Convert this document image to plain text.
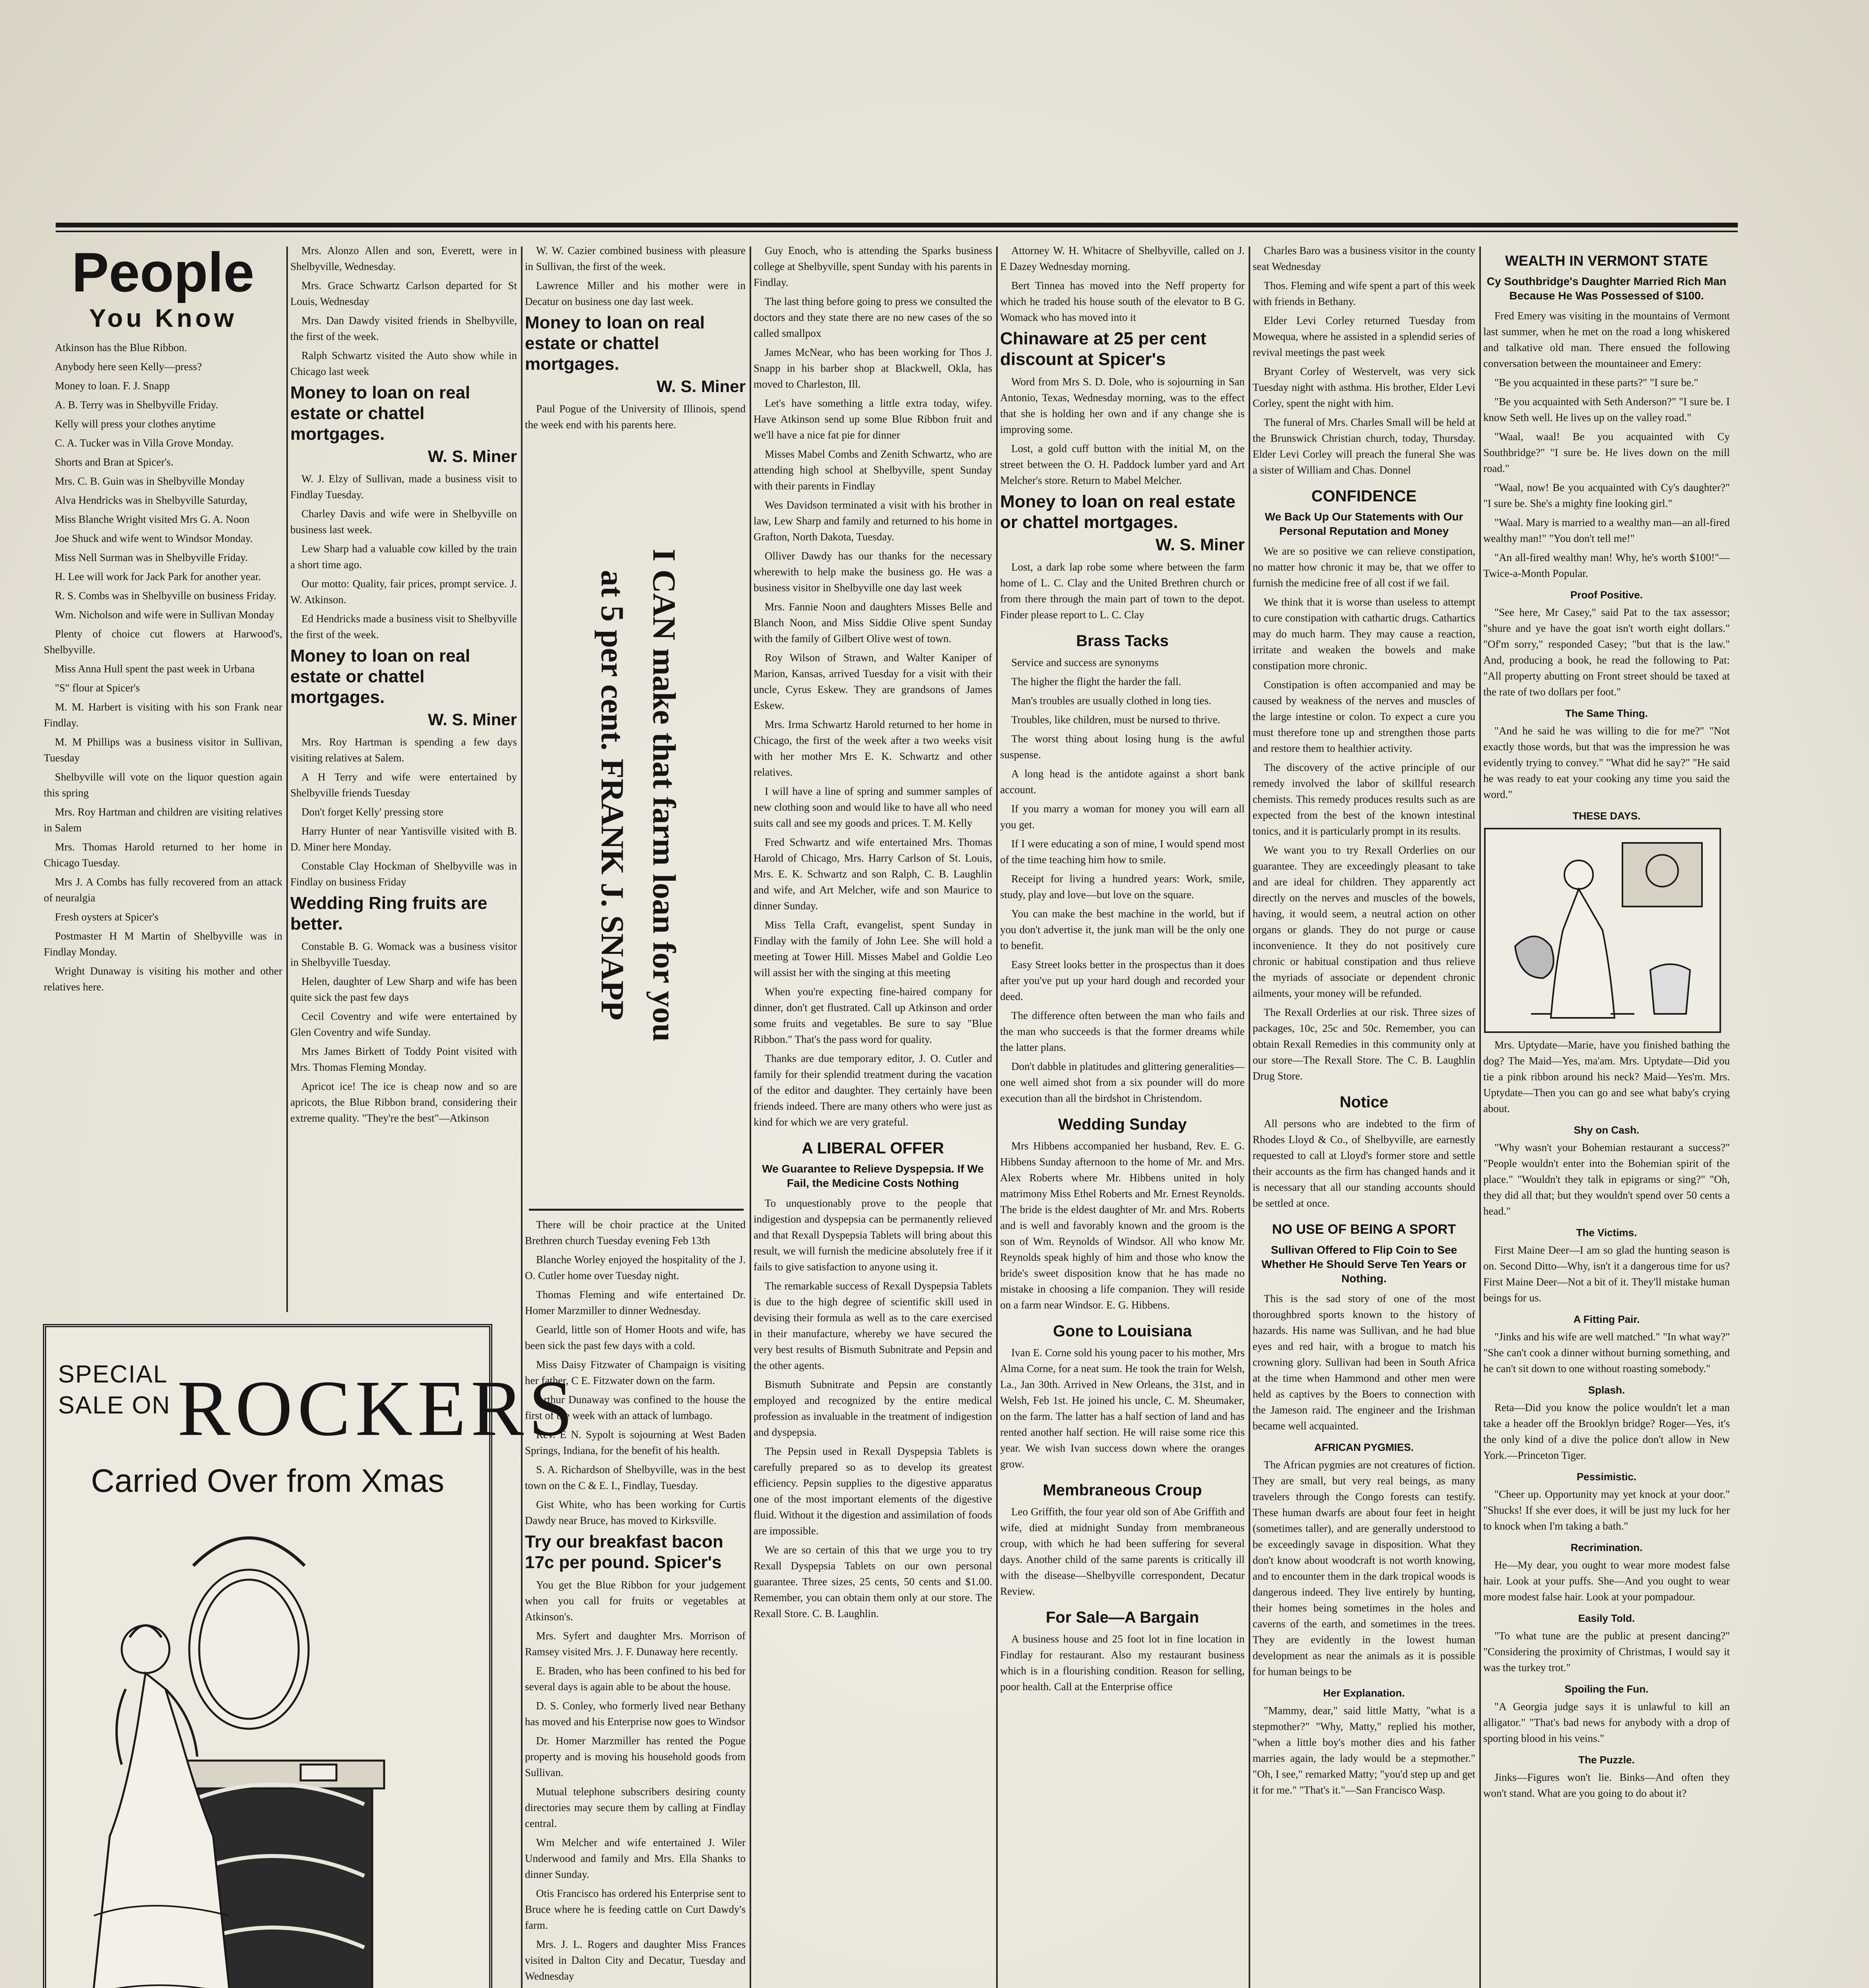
People
You Know
Atkinson has the Blue Ribbon.
Anybody here seen Kelly—press?
Money to loan. F. J. Snapp
A. B. Terry was in Shelbyville Friday.
Kelly will press your clothes anytime
C. A. Tucker was in Villa Grove Monday.
Shorts and Bran at Spicer's.
Mrs. C. B. Guin was in Shelbyville Monday
Alva Hendricks was in Shelbyville Saturday,
Miss Blanche Wright visited Mrs G. A. Noon
Joe Shuck and wife went to Windsor Monday.
Miss Nell Surman was in Shelbyville Friday.
H. Lee will work for Jack Park for another year.
R. S. Combs was in Shelbyville on business Friday.
Wm. Nicholson and wife were in Sullivan Monday
Plenty of choice cut flowers at Harwood's, Shelbyville.
Miss Anna Hull spent the past week in Urbana
"S" flour at Spicer's
M. M. Harbert is visiting with his son Frank near Findlay.
M. M Phillips was a business visitor in Sullivan, Tuesday
Shelbyville will vote on the liquor question again this spring
Mrs. Roy Hartman and children are visiting relatives in Salem
Mrs. Thomas Harold returned to her home in Chicago Tuesday.
Mrs J. A Combs has fully recovered from an attack of neuralgia
Fresh oysters at Spicer's
Postmaster H M Martin of Shelbyville was in Findlay Monday.
Wright Dunaway is visiting his mother and other relatives here.
SPECIAL
SALE ON ROCKERS
Carried Over from Xmas
Mrs. Alonzo Allen and son, Everett, were in Shelbyville, Wednesday.
Mrs. Grace Schwartz Carlson departed for St Louis, Wednesday
Mrs. Dan Dawdy visited friends in Shelbyville, the first of the week.
Ralph Schwartz visited the Auto show while in Chicago last week
Money to loan on real estate or chattel mortgages.
W. S. Miner
W. J. Elzy of Sullivan, made a business visit to Findlay Tuesday.
Charley Davis and wife were in Shelbyville on business last week.
Lew Sharp had a valuable cow killed by the train a short time ago.
Our motto: Quality, fair prices, prompt service. J. W. Atkinson.
Ed Hendricks made a business visit to Shelbyville the first of the week.
Money to loan on real estate or chattel mortgages.
W. S. Miner
Mrs. Roy Hartman is spending a few days visiting relatives at Salem.
A H Terry and wife were entertained by Shelbyville friends Tuesday
Don't forget Kelly' pressing store
Harry Hunter of near Yantisville visited with B. D. Miner here Monday.
Constable Clay Hockman of Shelbyville was in Findlay on business Friday
Wedding Ring fruits are better.
Constable B. G. Womack was a business visitor in Shelbyville Tuesday.
Helen, daughter of Lew Sharp and wife has been quite sick the past few days
Cecil Coventry and wife were entertained by Glen Coventry and wife Sunday.
Mrs James Birkett of Toddy Point visited with Mrs. Thomas Fleming Monday.
Apricot ice! The ice is cheap now and so are apricots, the Blue Ribbon brand, considering their extreme quality. "They're the best"—Atkinson
W. W. Cazier combined business with pleasure in Sullivan, the first of the week.
Lawrence Miller and his mother were in Decatur on business one day last week.
Money to loan on real estate or chattel mortgages.
W. S. Miner
Paul Pogue of the University of Illinois, spend the week end with his parents here.
I CAN make that farm loan for you
at 5 per cent. FRANK J. SNAPP
There will be choir practice at the United Brethren church Tuesday evening Feb 13th
Blanche Worley enjoyed the hospitality of the J. O. Cutler home over Tuesday night.
Thomas Fleming and wife entertained Dr. Homer Marzmiller to dinner Wednesday.
Gearld, little son of Homer Hoots and wife, has been sick the past few days with a cold.
Miss Daisy Fitzwater of Champaign is visiting her father, C E. Fitzwater down on the farm.
Arthur Dunaway was confined to the house the first of the week with an attack of lumbago.
Rev. E N. Sypolt is sojourning at West Baden Springs, Indiana, for the benefit of his health.
S. A. Richardson of Shelbyville, was in the best town on the C & E. I., Findlay, Tuesday.
Gist White, who has been working for Curtis Dawdy near Bruce, has moved to Kirksville.
Try our breakfast bacon 17c per pound. Spicer's
You get the Blue Ribbon for your judgement when you call for fruits or vegetables at Atkinson's.
Mrs. Syfert and daughter Mrs. Morrison of Ramsey visited Mrs. J. F. Dunaway here recently.
E. Braden, who has been confined to his bed for several days is again able to be about the house.
D. S. Conley, who formerly lived near Bethany has moved and his Enterprise now goes to Windsor
Dr. Homer Marzmiller has rented the Pogue property and is moving his household goods from Sullivan.
Mutual telephone subscribers desiring county directories may secure them by calling at Findlay central.
Wm Melcher and wife entertained J. Wiler Underwood and family and Mrs. Ella Shanks to dinner Sunday.
Otis Francisco has ordered his Enterprise sent to Bruce where he is feeding cattle on Curt Dawdy's farm.
Mrs. J. L. Rogers and daughter Miss Frances visited in Dalton City and Decatur, Tuesday and Wednesday
Guy Enoch, who is attending the Sparks business college at Shelbyville, spent Sunday with his parents in Findlay.
The last thing before going to press we consulted the doctors and they state there are no new cases of the so called smallpox
James McNear, who has been working for Thos J. Snapp in his barber shop at Blackwell, Okla, has moved to Charleston, Ill.
Let's have something a little extra today, wifey. Have Atkinson send up some Blue Ribbon fruit and we'll have a nice fat pie for dinner
Misses Mabel Combs and Zenith Schwartz, who are attending high school at Shelbyville, spent Sunday with their parents in Findlay
Wes Davidson terminated a visit with his brother in law, Lew Sharp and family and returned to his home in Grafton, North Dakota, Tuesday.
Olliver Dawdy has our thanks for the necessary wherewith to help make the business go. He was a business visitor in Shelbyville one day last week
Mrs. Fannie Noon and daughters Misses Belle and Blanch Noon, and Miss Siddie Olive spent Sunday with the family of Gilbert Olive west of town.
Roy Wilson of Strawn, and Walter Kaniper of Marion, Kansas, arrived Tuesday for a visit with their uncle, Cyrus Eskew. They are grandsons of James Eskew.
Mrs. Irma Schwartz Harold returned to her home in Chicago, the first of the week after a two weeks visit with her mother Mrs E. K. Schwartz and other relatives.
I will have a line of spring and summer samples of new clothing soon and would like to have all who need suits call and see my goods and prices. T. M. Kelly
Fred Schwartz and wife entertained Mrs. Thomas Harold of Chicago, Mrs. Harry Carlson of St. Louis, Mrs. E. K. Schwartz and son Ralph, C. B. Laughlin and wife, and Art Melcher, wife and son Maurice to dinner Sunday.
Miss Tella Craft, evangelist, spent Sunday in Findlay with the family of John Lee. She will hold a meeting at Tower Hill. Misses Mabel and Goldie Leo will assist her with the singing at this meeting
When you're expecting fine-haired company for dinner, don't get flustrated. Call up Atkinson and order some fruits and vegetables. Be sure to say "Blue Ribbon." That's the pass word for quality.
Thanks are due temporary editor, J. O. Cutler and family for their splendid treatment during the vacation of the editor and daughter. They certainly have been friends indeed. There are many others who were just as kind for which we are very grateful.
A LIBERAL OFFER
We Guarantee to Relieve Dyspepsia. If We Fail, the Medicine Costs Nothing
To unquestionably prove to the people that indigestion and dyspepsia can be permanently relieved and that Rexall Dyspepsia Tablets will bring about this result, we will furnish the medicine absolutely free if it fails to give satisfaction to anyone using it.
The remarkable success of Rexall Dyspepsia Tablets is due to the high degree of scientific skill used in devising their formula as well as to the care exercised in their manufacture, whereby we have secured the very best results of Bismuth Subnitrate and Pepsin and the other agents.
Bismuth Subnitrate and Pepsin are constantly employed and recognized by the entire medical profession as invaluable in the treatment of indigestion and dyspepsia.
The Pepsin used in Rexall Dyspepsia Tablets is carefully prepared so as to develop its greatest efficiency. Pepsin supplies to the digestive apparatus one of the most important elements of the digestive fluid. Without it the digestion and assimilation of foods are impossible.
We are so certain of this that we urge you to try Rexall Dyspepsia Tablets on our own personal guarantee. Three sizes, 25 cents, 50 cents and $1.00. Remember, you can obtain them only at our store. The Rexall Store. C. B. Laughlin.
Attorney W. H. Whitacre of Shelbyville, called on J. E Dazey Wednesday morning.
Bert Tinnea has moved into the Neff property for which he traded his house south of the elevator to B G. Womack who has moved into it
Chinaware at 25 per cent discount at Spicer's
Word from Mrs S. D. Dole, who is sojourning in San Antonio, Texas, Wednesday morning, was to the effect that she is holding her own and if any change she is improving some.
Lost, a gold cuff button with the initial M, on the street between the O. H. Paddock lumber yard and Art Melcher's store. Return to Mabel Melcher.
Money to loan on real estate or chattel mortgages.
W. S. Miner
Lost, a dark lap robe some where between the farm home of L. C. Clay and the United Brethren church or from there through the main part of town to the depot. Finder please report to L. C. Clay
Brass Tacks
Service and success are synonyms
The higher the flight the harder the fall.
Man's troubles are usually clothed in long ties.
Troubles, like children, must be nursed to thrive.
The worst thing about losing hung is the awful suspense.
A long head is the antidote against a short bank account.
If you marry a woman for money you will earn all you get.
If I were educating a son of mine, I would spend most of the time teaching him how to smile.
Receipt for living a hundred years: Work, smile, study, play and love—but love on the square.
You can make the best machine in the world, but if you don't advertise it, the junk man will be the only one to benefit.
Easy Street looks better in the prospectus than it does after you've put up your hard dough and recorded your deed.
The difference often between the man who fails and the man who succeeds is that the former dreams while the latter plans.
Don't dabble in platitudes and glittering generalities—one well aimed shot from a six pounder will do more execution than all the birdshot in Christendom.
Wedding Sunday
Mrs Hibbens accompanied her husband, Rev. E. G. Hibbens Sunday afternoon to the home of Mr. and Mrs. Alex Roberts where Mr. Hibbens united in holy matrimony Miss Ethel Roberts and Mr. Ernest Reynolds. The bride is the eldest daughter of Mr. and Mrs. Roberts and is well and favorably known and the groom is the son of Wm. Reynolds of Windsor. All who know Mr. Reynolds speak highly of him and those who know the bride's sweet disposition know that he has made no mistake in choosing a life companion. They will reside on a farm near Windsor. E. G. Hibbens.
Gone to Louisiana
Ivan E. Corne sold his young pacer to his mother, Mrs Alma Corne, for a neat sum. He took the train for Welsh, La., Jan 30th. Arrived in New Orleans, the 31st, and in Welsh, Feb 1st. He joined his uncle, C. M. Sheumaker, on the farm. The latter has a half section of land and has rented another half section. He will raise some rice this year. We wish Ivan success down where the oranges grow.
Membraneous Croup
Leo Griffith, the four year old son of Abe Griffith and wife, died at midnight Sunday from membraneous croup, with which he had been suffering for several days. Another child of the same parents is critically ill with the disease—Shelbyville correspondent, Decatur Review.
For Sale—A Bargain
A business house and 25 foot lot in fine location in Findlay for restaurant. Also my restaurant business which is in a flourishing condition. Reason for selling, poor health. Call at the Enterprise office
Charles Baro was a business visitor in the county seat Wednesday
Thos. Fleming and wife spent a part of this week with friends in Bethany.
Elder Levi Corley returned Tuesday from Mowequa, where he assisted in a splendid series of revival meetings the past week
Bryant Corley of Westervelt, was very sick Tuesday night with asthma. His brother, Elder Levi Corley, spent the night with him.
The funeral of Mrs. Charles Small will be held at the Brunswick Christian church, today, Thursday. Elder Levi Corley will preach the funeral She was a sister of William and Chas. Donnel
CONFIDENCE
We Back Up Our Statements with Our Personal Reputation and Money
We are so positive we can relieve constipation, no matter how chronic it may be, that we offer to furnish the medicine free of all cost if we fail.
We think that it is worse than useless to attempt to cure constipation with cathartic drugs. Cathartics may do much harm. They may cause a reaction, irritate and weaken the bowels and make constipation more chronic.
Constipation is often accompanied and may be caused by weakness of the nerves and muscles of the large intestine or colon. To expect a cure you must therefore tone up and strengthen those parts and restore them to healthier activity.
The discovery of the active principle of our remedy involved the labor of skillful research chemists. This remedy produces results such as are expected from the best of the known intestinal tonics, and it is particularly prompt in its results.
We want you to try Rexall Orderlies on our guarantee. They are exceedingly pleasant to take and are ideal for children. They apparently act directly on the nerves and muscles of the bowels, having, it would seem, a neutral action on other organs or glands. They do not purge or cause inconvenience. It they do not positively cure chronic or habitual constipation and thus relieve the myriads of associate or dependent chronic ailments, your money will be refunded.
The Rexall Orderlies at our risk. Three sizes of packages, 10c, 25c and 50c. Remember, you can obtain Rexall Remedies in this community only at our store—The Rexall Store. The C. B. Laughlin Drug Store.
Notice
All persons who are indebted to the firm of Rhodes Lloyd & Co., of Shelbyville, are earnestly requested to call at Lloyd's former store and settle their accounts as the firm has changed hands and it is necessary that all our standing accounts should be settled at once.
NO USE OF BEING A SPORT
Sullivan Offered to Flip Coin to See Whether He Should Serve Ten Years or Nothing.
This is the sad story of one of the most thoroughbred sports known to the history of hazards. His name was Sullivan, and he had blue eyes and red hair, with a brogue to match his crowning glory. Sullivan had been in South Africa at the time when Hammond and other men were held as captives by the Boers to connection with the Jameson raid. The engineer and the Irishman became well acquainted.
AFRICAN PYGMIES.
The African pygmies are not creatures of fiction. They are small, but very real beings, as many travelers through the Congo forests can testify. These human dwarfs are about four feet in height (sometimes taller), and are generally understood to be exceedingly savage in disposition. What they don't know about woodcraft is not worth knowing, and to encounter them in the dark tropical woods is dangerous indeed. They live entirely by hunting, their homes being sometimes in the holes and caverns of the earth, and sometimes in the trees. They are evidently in the lowest human development as near the animals as it is possible for human beings to be
Her Explanation.
"Mammy, dear," said little Matty, "what is a stepmother?" "Why, Matty," replied his mother, "when a little boy's mother dies and his father marries again, the lady would be a stepmother." "Oh, I see," remarked Matty; "you'd step up and get it for me." "That's it."—San Francisco Wasp.
WEALTH IN VERMONT STATE
Cy Southbridge's Daughter Married Rich Man Because He Was Possessed of $100.
Fred Emery was visiting in the mountains of Vermont last summer, when he met on the road a long whiskered and talkative old man. There ensued the following conversation between the mountaineer and Emery:
"Be you acquainted in these parts?" "I sure be."
"Be you acquainted with Seth Anderson?" "I sure be. I know Seth well. He lives up on the valley road."
"Waal, waal! Be you acquainted with Cy Southbridge?" "I sure be. He lives down on the mill road."
"Waal, now! Be you acquainted with Cy's daughter?" "I sure be. She's a mighty fine looking girl."
"Waal. Mary is married to a wealthy man—an all-fired wealthy man!" "You don't tell me!"
"An all-fired wealthy man! Why, he's worth $100!"—Twice-a-Month Popular.
Proof Positive.
"See here, Mr Casey," said Pat to the tax assessor; "shure and ye have the goat isn't worth eight dollars." "Of'm sorry," responded Casey; "but that is the law." And, producing a book, he read the following to Pat: "All property abutting on Front street should be taxed at the rate of two dollars per foot."
The Same Thing.
"And he said he was willing to die for me?" "Not exactly those words, but that was the impression he was evidently trying to convey." "What did he say?" "He said he was ready to eat your cooking any time you said the word."
THESE DAYS.
Mrs. Uptydate—Marie, have you finished bathing the dog? The Maid—Yes, ma'am. Mrs. Uptydate—Did you tie a pink ribbon around his neck? Maid—Yes'm. Mrs. Uptydate—Then you can go and see what baby's crying about.
Shy on Cash.
"Why wasn't your Bohemian restaurant a success?" "People wouldn't enter into the Bohemian spirit of the place." "Wouldn't they talk in epigrams or sing?" "Oh, they did all that; but they wouldn't spend over 50 cents a head."
The Victims.
First Maine Deer—I am so glad the hunting season is on. Second Ditto—Why, isn't it a dangerous time for us? First Maine Deer—Not a bit of it. They'll mistake human beings for us.
A Fitting Pair.
"Jinks and his wife are well matched." "In what way?" "She can't cook a dinner without burning something, and he can't sit down to one without roasting somebody."
Splash.
Reta—Did you know the police wouldn't let a man take a header off the Brooklyn bridge? Roger—Yes, it's the only kind of a dive the police don't allow in New York.—Princeton Tiger.
Pessimistic.
"Cheer up. Opportunity may yet knock at your door." "Shucks! If she ever does, it will be just my luck for her to knock when I'm taking a bath."
Recrimination.
He—My dear, you ought to wear more modest false hair. Look at your puffs. She—And you ought to wear more modest false hair. Look at your pompadour.
Easily Told.
"To what tune are the public at present dancing?" "Considering the proximity of Christmas, I would say it was the turkey trot."
Spoiling the Fun.
"A Georgia judge says it is unlawful to kill an alligator." "That's bad news for anybody with a drop of sporting blood in his veins."
The Puzzle.
Jinks—Figures won't lie. Binks—And often they won't stand. What are you going to do about it?
